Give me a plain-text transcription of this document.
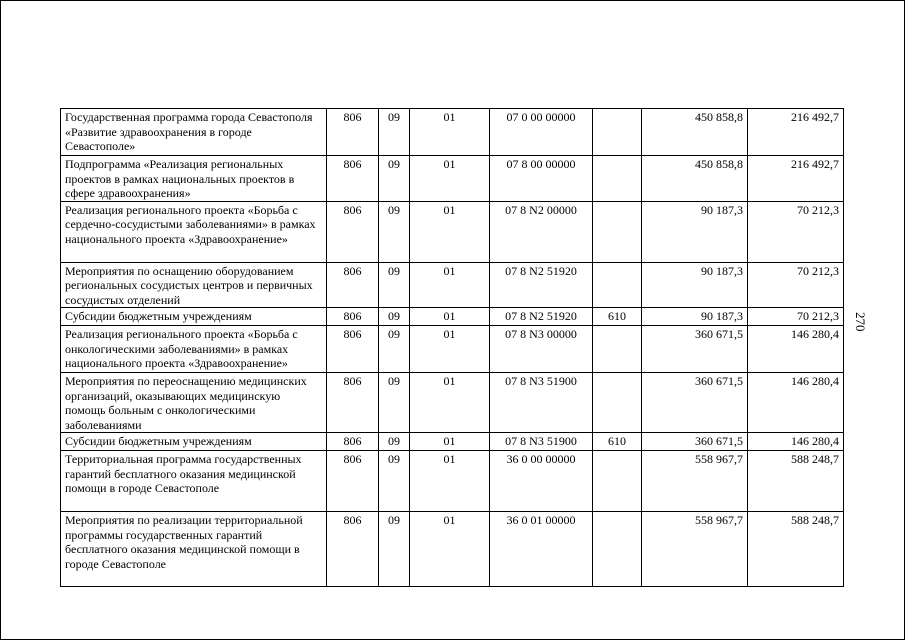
Государственная программа города Севастополя «Развитие здравоохранения в городе Севастополе»	806	09	01	07 0 00 00000		450 858,8	216 492,7
Подпрограмма «Реализация региональных проектов в рамках национальных проектов в сфере здравоохранения»	806	09	01	07 8 00 00000		450 858,8	216 492,7
Реализация регионального проекта «Борьба с сердечно-сосудистыми заболеваниями» в рамках национального проекта «Здравоохранение»	806	09	01	07 8 N2 00000		90 187,3	70 212,3
Мероприятия по оснащению оборудованием региональных сосудистых центров и первичных сосудистых отделений	806	09	01	07 8 N2 51920		90 187,3	70 212,3
Субсидии бюджетным учреждениям	806	09	01	07 8 N2 51920	610	90 187,3	70 212,3
Реализация регионального проекта «Борьба с онкологическими заболеваниями» в рамках национального проекта «Здравоохранение»	806	09	01	07 8 N3 00000		360 671,5	146 280,4
Мероприятия по переоснащению медицинских организаций, оказывающих медицинскую помощь больным с онкологическими заболеваниями	806	09	01	07 8 N3 51900		360 671,5	146 280,4
Субсидии бюджетным учреждениям	806	09	01	07 8 N3 51900	610	360 671,5	146 280,4
Территориальная программа государственных гарантий бесплатного оказания медицинской помощи в городе Севастополе	806	09	01	36 0 00 00000		558 967,7	588 248,7
Мероприятия по реализации территориальной программы государственных гарантий бесплатного оказания медицинской помощи в городе Севастополе	806	09	01	36 0 01 00000		558 967,7	588 248,7
270
